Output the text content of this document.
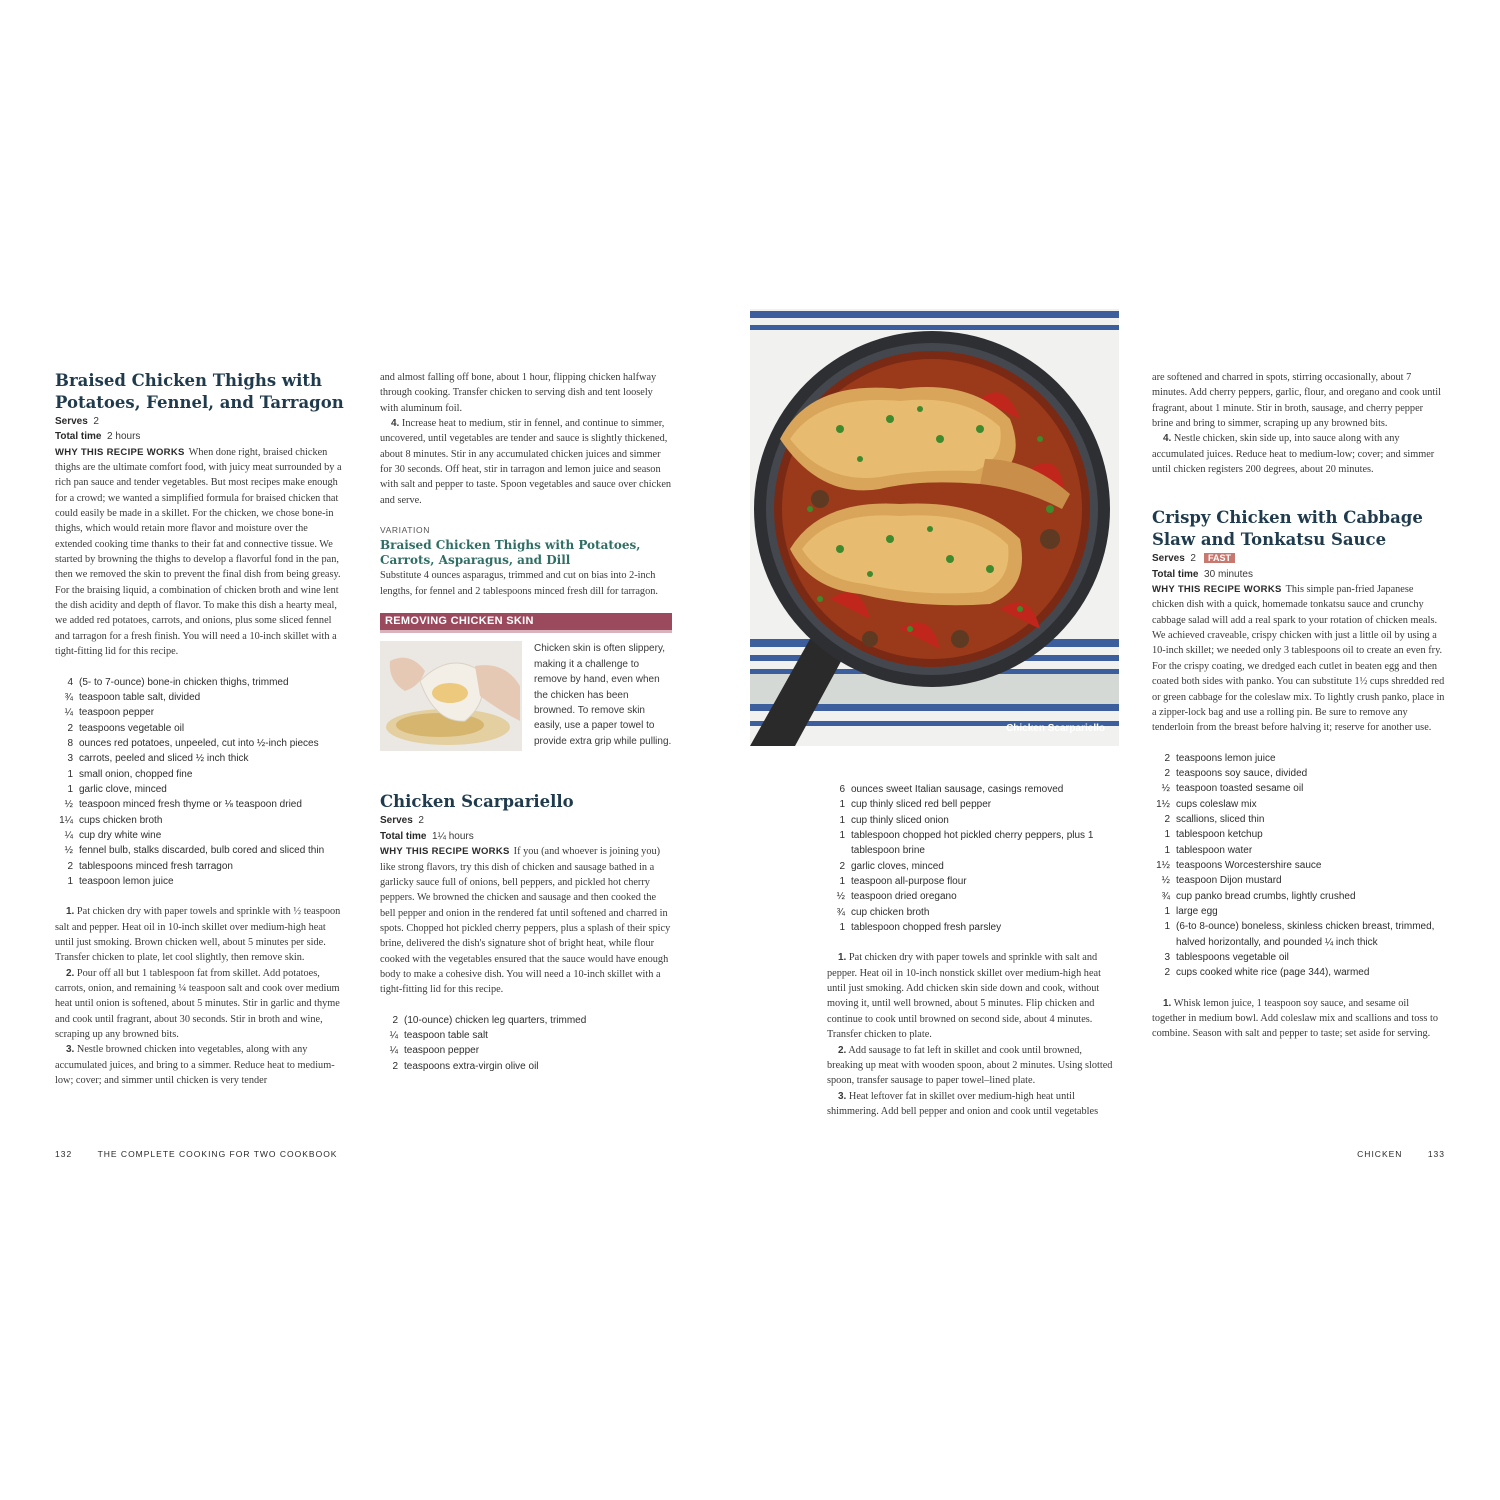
Braised Chicken Thighs with Potatoes, Fennel, and Tarragon
Serves 2
Total time 2 hours

WHY THIS RECIPE WORKS When done right, braised chicken thighs are the ultimate comfort food, with juicy meat surrounded by a rich pan sauce and tender vegetables. But most recipes make enough for a crowd; we wanted a simplified formula for braised chicken that could easily be made in a skillet. For the chicken, we chose bone-in thighs, which would retain more flavor and moisture over the extended cooking time thanks to their fat and connective tissue. We started by browning the thighs to develop a flavorful fond in the pan, then we removed the skin to prevent the final dish from being greasy. For the braising liquid, a combination of chicken broth and wine lent the dish acidity and depth of flavor. To make this dish a hearty meal, we added red potatoes, carrots, and onions, plus some sliced fennel and tarragon for a fresh finish. You will need a 10-inch skillet with a tight-fitting lid for this recipe.

4 (5- to 7-ounce) bone-in chicken thighs, trimmed
¾ teaspoon table salt, divided
¼ teaspoon pepper
2 teaspoons vegetable oil
8 ounces red potatoes, unpeeled, cut into ½-inch pieces
3 carrots, peeled and sliced ½ inch thick
1 small onion, chopped fine
1 garlic clove, minced
½ teaspoon minced fresh thyme or ⅛ teaspoon dried
1¼ cups chicken broth
¼ cup dry white wine
½ fennel bulb, stalks discarded, bulb cored and sliced thin
2 tablespoons minced fresh tarragon
1 teaspoon lemon juice

1. Pat chicken dry with paper towels and sprinkle with ½ teaspoon salt and pepper. Heat oil in 10-inch skillet over medium-high heat until just smoking. Brown chicken well, about 5 minutes per side. Transfer chicken to plate, let cool slightly, then remove skin.

2. Pour off all but 1 tablespoon fat from skillet. Add potatoes, carrots, onion, and remaining ¼ teaspoon salt and cook over medium heat until onion is softened, about 5 minutes. Stir in garlic and thyme and cook until fragrant, about 30 seconds. Stir in broth and wine, scraping up any browned bits.

3. Nestle browned chicken into vegetables, along with any accumulated juices, and bring to a simmer. Reduce heat to medium-low; cover; and simmer until chicken is very tender

and almost falling off bone, about 1 hour, flipping chicken halfway through cooking. Transfer chicken to serving dish and tent loosely with aluminum foil.

4. Increase heat to medium, stir in fennel, and continue to simmer, uncovered, until vegetables are tender and sauce is slightly thickened, about 8 minutes. Stir in any accumulated chicken juices and simmer for 30 seconds. Off heat, stir in tarragon and lemon juice and season with salt and pepper to taste. Spoon vegetables and sauce over chicken and serve.

VARIATION
Braised Chicken Thighs with Potatoes, Carrots, Asparagus, and Dill

Substitute 4 ounces asparagus, trimmed and cut on bias into 2-inch lengths, for fennel and 2 tablespoons minced fresh dill for tarragon.

REMOVING CHICKEN SKIN
Chicken skin is often slippery, making it a challenge to remove by hand, even when the chicken has been browned. To remove skin easily, use a paper towel to provide extra grip while pulling.
Chicken Scarpariello
Serves 2
Total time 1¼ hours

WHY THIS RECIPE WORKS If you (and whoever is joining you) like strong flavors, try this dish of chicken and sausage bathed in a garlicky sauce full of onions, bell peppers, and pickled hot cherry peppers. We browned the chicken and sausage and then cooked the bell pepper and onion in the rendered fat until softened and charred in spots. Chopped hot pickled cherry peppers, plus a splash of their spicy brine, delivered the dish's signature shot of bright heat, while flour cooked with the vegetables ensured that the sauce would have enough body to make a cohesive dish. You will need a 10-inch skillet with a tight-fitting lid for this recipe.

2 (10-ounce) chicken leg quarters, trimmed
¼ teaspoon table salt
¼ teaspoon pepper
2 teaspoons extra-virgin olive oil
Chicken Scarpariello
6 ounces sweet Italian sausage, casings removed
1 cup thinly sliced red bell pepper
1 cup thinly sliced onion
1 tablespoon chopped hot pickled cherry peppers, plus 1 tablespoon brine
2 garlic cloves, minced
1 teaspoon all-purpose flour
½ teaspoon dried oregano
¾ cup chicken broth
1 tablespoon chopped fresh parsley

1. Pat chicken dry with paper towels and sprinkle with salt and pepper. Heat oil in 10-inch nonstick skillet over medium-high heat until just smoking. Add chicken skin side down and cook, without moving it, until well browned, about 5 minutes. Flip chicken and continue to cook until browned on second side, about 4 minutes. Transfer chicken to plate.

2. Add sausage to fat left in skillet and cook until browned, breaking up meat with wooden spoon, about 2 minutes. Using slotted spoon, transfer sausage to paper towel–lined plate.

3. Heat leftover fat in skillet over medium-high heat until shimmering. Add bell pepper and onion and cook until vegetables

are softened and charred in spots, stirring occasionally, about 7 minutes. Add cherry peppers, garlic, flour, and oregano and cook until fragrant, about 1 minute. Stir in broth, sausage, and cherry pepper brine and bring to simmer, scraping up any browned bits.

4. Nestle chicken, skin side up, into sauce along with any accumulated juices. Reduce heat to medium-low; cover; and simmer until chicken registers 200 degrees, about 20 minutes.

Crispy Chicken with Cabbage Slaw and Tonkatsu Sauce
Serves 2 FAST
Total time 30 minutes

WHY THIS RECIPE WORKS This simple pan-fried Japanese chicken dish with a quick, homemade tonkatsu sauce and crunchy cabbage salad will add a real spark to your rotation of chicken meals. We achieved craveable, crispy chicken with just a little oil by using a 10-inch skillet; we needed only 3 tablespoons oil to create an even fry. For the crispy coating, we dredged each cutlet in beaten egg and then coated both sides with panko. You can substitute 1½ cups shredded red or green cabbage for the coleslaw mix. To lightly crush panko, place in a zipper-lock bag and use a rolling pin. Be sure to remove any tenderloin from the breast before halving it; reserve for another use.

2 teaspoons lemon juice
2 teaspoons soy sauce, divided
½ teaspoon toasted sesame oil
1½ cups coleslaw mix
2 scallions, sliced thin
1 tablespoon ketchup
1 tablespoon water
1½ teaspoons Worcestershire sauce
½ teaspoon Dijon mustard
¾ cup panko bread crumbs, lightly crushed
1 large egg
1 (6-to 8-ounce) boneless, skinless chicken breast, trimmed, halved horizontally, and pounded ¼ inch thick
3 tablespoons vegetable oil
2 cups cooked white rice (page 344), warmed

1. Whisk lemon juice, 1 teaspoon soy sauce, and sesame oil together in medium bowl. Add coleslaw mix and scallions and toss to combine. Season with salt and pepper to taste; set aside for serving.

132	THE COMPLETE COOKING FOR TWO COOKBOOK	CHICKEN	133
